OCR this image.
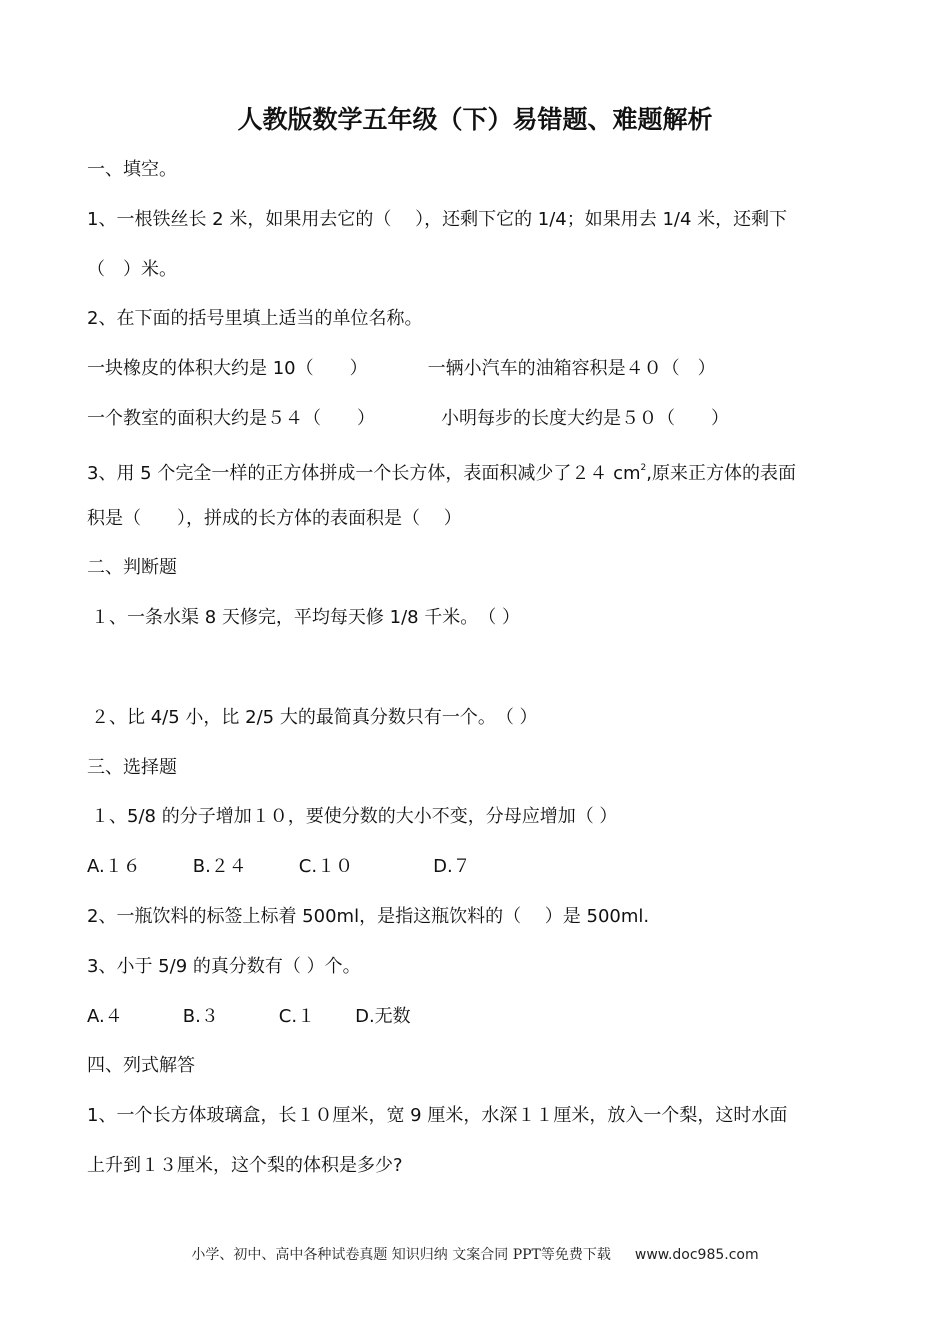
人教版数学五年级（下）易错题、难题解析
一、填空。
1、一根铁丝长 2 米，如果用去它的（　 ），还剩下它的 1/4；如果用去 1/4 米，还剩下
（　）米。
2、在下面的括号里填上适当的单位名称。
一块橡皮的体积大约是 10（　　）	一辆小汽车的油箱容积是４０（　）
一个教室的面积大约是５４（　　）	小明每步的长度大约是５０（　　）
3、用 5 个完全一样的正方体拼成一个长方体，表面积减少了２４ $cm^2$,原来正方体的表面
积是（　　），拼成的长方体的表面积是（　 ）
二、判断题
１、一条水渠 8 天修完，平均每天修 1/8 千米。　（ ）
２、比 4/5 小，比 2/5 大的最简真分数只有一个。　（ ）
三、选择题
１、5/8 的分子增加１０，要使分数的大小不变，分母应增加（ ）
A.１６	B.２４	C.１０	D.７
2、一瓶饮料的标签上标着 500ml，是指这瓶饮料的（　 ）是 500ml.
3、小于 5/9 的真分数有（ ）个。
A.４	B.３	C.１ D.无数
四、列式解答
1、一个长方体玻璃盒，长１０厘米，宽 9 厘米，水深１１厘米，放入一个梨，这时水面
上升到１３厘米，这个梨的体积是多少?
小学、初中、高中各种试卷真题 知识归纳 文案合同 PPT等免费下载 www.doc985.com
